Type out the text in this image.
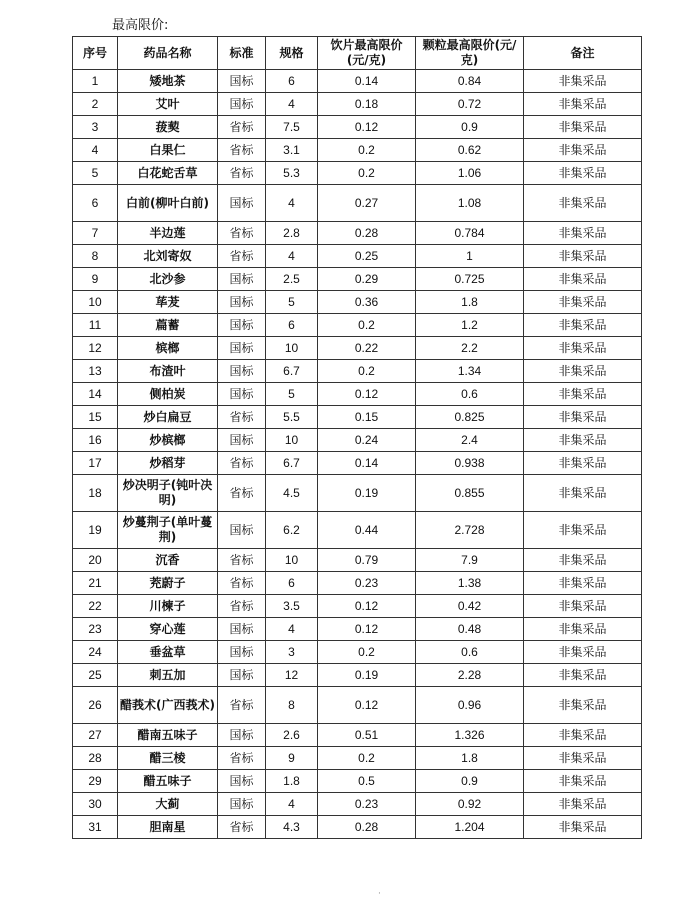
最高限价:
序号	药品名称	标准	规格	饮片最高限价(元/克)	颗粒最高限价(元/克)	备注
1	矮地茶	国标	6	0.14	0.84	非集采品
2	艾叶	国标	4	0.18	0.72	非集采品
3	菝葜	省标	7.5	0.12	0.9	非集采品
4	白果仁	省标	3.1	0.2	0.62	非集采品
5	白花蛇舌草	省标	5.3	0.2	1.06	非集采品
6	白前(柳叶白前)	国标	4	0.27	1.08	非集采品
7	半边莲	省标	2.8	0.28	0.784	非集采品
8	北刘寄奴	省标	4	0.25	1	非集采品
9	北沙参	国标	2.5	0.29	0.725	非集采品
10	荜茇	国标	5	0.36	1.8	非集采品
11	萹蓄	国标	6	0.2	1.2	非集采品
12	槟榔	国标	10	0.22	2.2	非集采品
13	布渣叶	国标	6.7	0.2	1.34	非集采品
14	侧柏炭	国标	5	0.12	0.6	非集采品
15	炒白扁豆	省标	5.5	0.15	0.825	非集采品
16	炒槟榔	国标	10	0.24	2.4	非集采品
17	炒稻芽	省标	6.7	0.14	0.938	非集采品
18	炒决明子(钝叶决明)	省标	4.5	0.19	0.855	非集采品
19	炒蔓荆子(单叶蔓荆)	国标	6.2	0.44	2.728	非集采品
20	沉香	省标	10	0.79	7.9	非集采品
21	茺蔚子	省标	6	0.23	1.38	非集采品
22	川楝子	省标	3.5	0.12	0.42	非集采品
23	穿心莲	国标	4	0.12	0.48	非集采品
24	垂盆草	国标	3	0.2	0.6	非集采品
25	刺五加	国标	12	0.19	2.28	非集采品
26	醋莪术(广西莪术)	省标	8	0.12	0.96	非集采品
27	醋南五味子	国标	2.6	0.51	1.326	非集采品
28	醋三棱	省标	9	0.2	1.8	非集采品
29	醋五味子	国标	1.8	0.5	0.9	非集采品
30	大蓟	国标	4	0.23	0.92	非集采品
31	胆南星	省标	4.3	0.28	1.204	非集采品
·
